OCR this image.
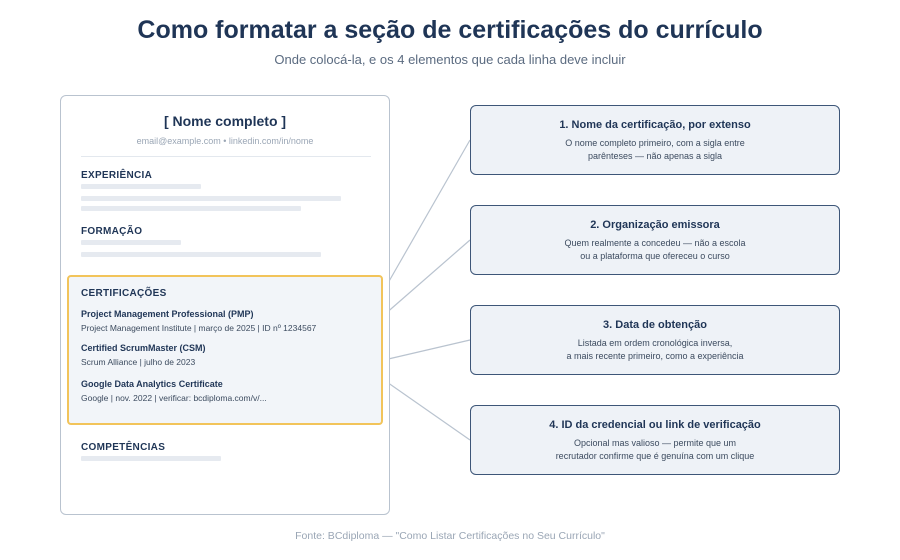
Como formatar a seção de certificações do currículo
Onde colocá-la, e os 4 elementos que cada linha deve incluir
[ Nome completo ]
email@example.com • linkedin.com/in/nome
EXPERIÊNCIA
FORMAÇÃO
CERTIFICAÇÕES
Project Management Professional (PMP)
Project Management Institute | março de 2025 | ID nº 1234567
Certified ScrumMaster (CSM)
Scrum Alliance | julho de 2023
Google Data Analytics Certificate
Google | nov. 2022 | verificar: bcdiploma.com/v/...
COMPETÊNCIAS
1. Nome da certificação, por extenso
O nome completo primeiro, com a sigla entre
parênteses — não apenas a sigla
2. Organização emissora
Quem realmente a concedeu — não a escola
ou a plataforma que ofereceu o curso
3. Data de obtenção
Listada em ordem cronológica inversa,
a mais recente primeiro, como a experiência
4. ID da credencial ou link de verificação
Opcional mas valioso — permite que um
recrutador confirme que é genuína com um clique
Fonte: BCdiploma — "Como Listar Certificações no Seu Currículo"
